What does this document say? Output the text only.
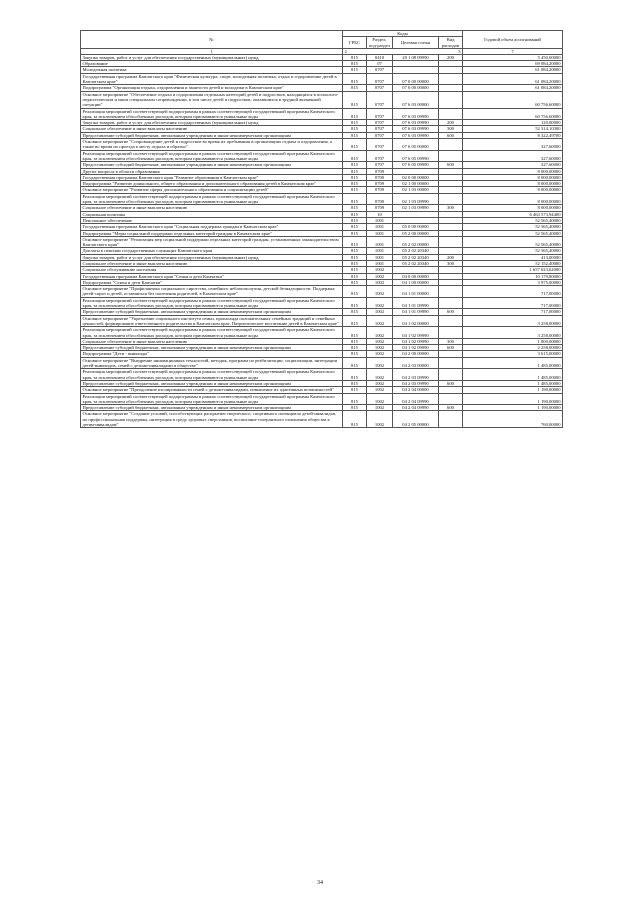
№	Коды	Годовой объем ассигнований
ГРБС	Раздел, под-раздел	Целевая статья	Вид расходов
1		2	3
		7
Закупка товаров, работ и услуг для обеспечения государственных (муниципальных) нужд	815	0410	20 1 08 09990	200	5 450,00000
Образование	815	07			69 084,20000
Молодежная политика	815	0707			61 084,20000
Государственная программа Камчатского края "Физическая культура, спорт, молодежная политика, отдых и оздоровление детей в Камчатском крае"	815	0707	07 0 00 00000		61 084,20000
Подпрограмма "Организация отдыха, оздоровления и занятости детей и молодежи в Камчатском крае"	815	0707	07 6 00 00000		61 084,20000
Основное мероприятие "Обеспечение отдыха и оздоровления отдельных категорий детей и подростков, находящихся в психолого-педагогическом и ином специальном сопровождении, в том числе детей и подростков, оказавшихся в трудной жизненной ситуации"	815	0707	07 6 03 00000		60 756,60000
Реализация мероприятий соответствующей подпрограммы в рамках соответствующей государственной программы Камчатского края, за исключением обособленных расходов, которым присваиваются уникальные коды	815	0707	07 6 03 09990		60 756,60000
Закупка товаров, работ и услуг для обеспечения государственных (муниципальных) нужд	815	0707	07 6 03 09990	200	120,00000
Социальное обеспечение и иные выплаты населению	815	0707	07 6 03 09990	300	52 314,10300
Предоставление субсидий бюджетным, автономным учреждениям и иным некоммерческим организациям	815	0707	07 6 03 09990	600	8 322,49700
Основное мероприятие "Сопровождение детей и подростков во время их пребывания в организациях отдыха и оздоровления, а также во время их проезда к месту отдыха и обратно"	815	0707	07 6 05 00000		327,60000
Реализация мероприятий соответствующей подпрограммы в рамках соответствующей государственной программы Камчатского края, за исключением обособленных расходов, которым присваиваются уникальные коды	815	0707	07 6 05 09990		327,60000
Предоставление субсидий бюджетным, автономным учреждениям и иным некоммерческим организациям	815	0707	07 6 05 09990	600	327,60000
Другие вопросы в области образования	815	0709			8 000,00000
Государственная программа Камчатского края "Развитие образования в Камчатском крае"	815	0709	02 0 00 00000		8 000,00000
Подпрограмма "Развитие дошкольного, общего образования и дополнительного образования детей в Камчатском крае"	815	0709	02 1 00 00000		8 000,00000
Основное мероприятие "Развитие сферы дополнительного образования и социализации детей"	815	0709	02 1 03 00000		8 000,00000
Реализация мероприятий соответствующей подпрограммы в рамках соответствующей государственной программы Камчатского края, за исключением обособленных расходов, которым присваиваются уникальные коды	815	0709	02 1 03 09990		8 000,00000
Социальное обеспечение и иные выплаты населению	815	0709	02 1 03 09990	300	8 000,00000
Социальная политика	815	10			6 463 573,94400
Пенсионное обеспечение	815	1001			52 565,40000
Государственная программа Камчатского края "Социальная поддержка граждан в Камчатском крае"	815	1001	05 0 00 00000		52 565,40000
Подпрограмма "Меры социальной поддержки отдельных категорий граждан в Камчатском крае"	815	1001	05 2 00 00000		52 565,40000
Основное мероприятие "Реализация мер социальной поддержки отдельных категорий граждан, установленных законодательством Камчатского края"	815	1001	05 2 02 00000		52 565,40000
Доплаты к пенсиям государственных служащих Камчатского края	815	1001	05 2 02 20340		52 565,40000
Закупка товаров, работ и услуг для обеспечения государственных (муниципальных) нужд	815	1001	05 2 02 20340	200	413,00000
Социальное обеспечение и иные выплаты населению	815	1001	05 2 02 20340	300	52 152,40000
Социальное обслуживание населения	815	1002			1 657 623,62000
Государственная программа Камчатского края "Семья и дети Камчатки"	815	1002	04 0 00 00000		10 179,80000
Подпрограмма "Семья и дети Камчатки"	815	1002	04 1 00 00000		3 975,00000
Основное мероприятие "Профилактика социального сиротства, семейного неблагополучия, детской безнадзорности. Поддержка детей-сирот и детей, оставшихся без попечения родителей, в Камчатском крае"	815	1002	04 1 01 00000		717,00000
Реализация мероприятий соответствующей подпрограммы в рамках соответствующей государственной программы Камчатского края, за исключением обособленных расходов, которым присваиваются уникальные коды	815	1002	04 1 01 09990		717,00000
Предоставление субсидий бюджетным, автономным учреждениям и иным некоммерческим организациям	815	1002	04 1 01 09990	600	717,00000
Основное мероприятие "Укрепление социального института семьи, пропаганда положительных семейных традиций и семейных ценностей, формирование ответственного родительства в Камчатском крае. Патриотическое воспитание детей в Камчатском крае"	815	1002	04 1 02 00000		3 258,00000
Реализация мероприятий соответствующей подпрограммы в рамках соответствующей государственной программы Камчатского края, за исключением обособленных расходов, которым присваиваются уникальные коды	815	1002	04 1 02 09990		3 258,00000
Социальное обеспечение и иные выплаты населению	815	1002	04 1 02 09990	300	1 000,00000
Предоставление субсидий бюджетным, автономным учреждениям и иным некоммерческим организациям	815	1002	04 1 02 09990	600	2 258,00000
Подпрограмма "Дети - инвалиды"	815	1002	04 2 00 00000		3 615,00000
Основное мероприятие "Внедрение инновационных технологий, методик, программ по реабилитации, социализации, интеграции детей-инвалидов, семей с детьми-инвалидами в обществе"	815	1002	04 2 03 00000		1 485,00000
Реализация мероприятий соответствующей подпрограммы в рамках соответствующей государственной программы Камчатского края, за исключением обособленных расходов, которым присваиваются уникальные коды	815	1002	04 2 03 09990		1 485,00000
Предоставление субсидий бюджетным, автономным учреждениям и иным некоммерческим организациям	815	1002	04 2 03 09990	600	1 485,00000
Основное мероприятие "Преодоление изолированности семей с детьми-инвалидами, повышение их адаптивных возможностей"	815	1002	04 2 04 00000		1 190,00000
Реализация мероприятий соответствующей подпрограммы в рамках соответствующей государственной программы Камчатского края, за исключением обособленных расходов, которым присваиваются уникальные коды	815	1002	04 2 04 09990		1 190,00000
Предоставление субсидий бюджетным, автономным учреждениям и иным некоммерческим организациям	815	1002	04 2 04 09990	600	1 190,00000
Основное мероприятие "Создание условий, способствующих раскрытию творческого, спортивного потенциала детей-инвалидов, их профессиональная поддержка, интеграция в среду здоровых сверстников, воспитание толерантного отношения общества к детям-инвалидам"	815	1002	04 2 05 00000		760,00000
34
